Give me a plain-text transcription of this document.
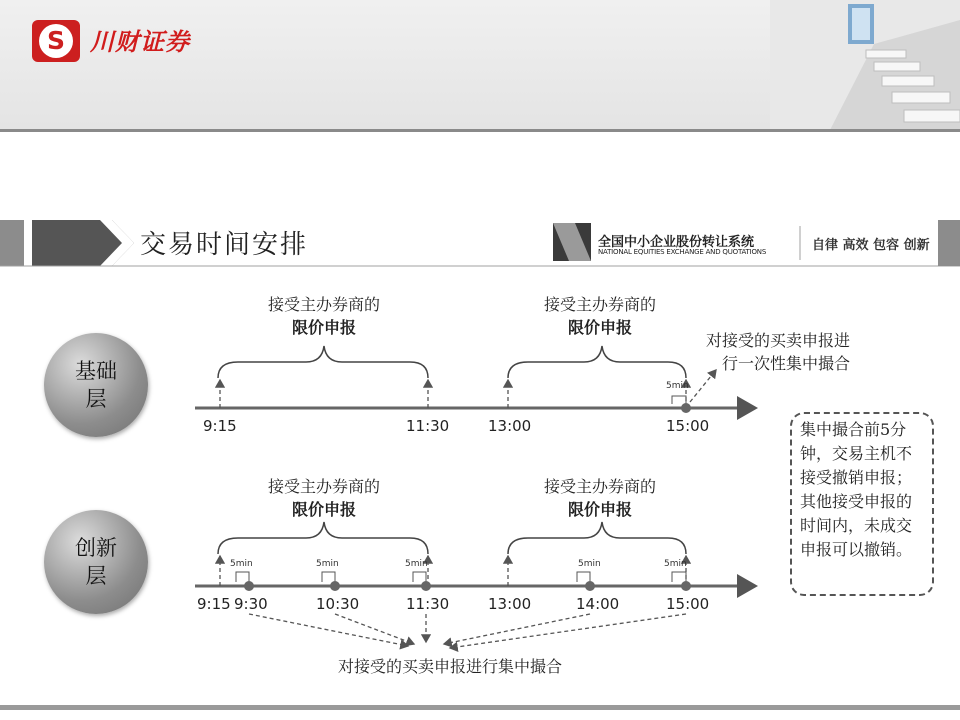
S	川财证券
交易时间安排	全国中小企业股份转让系统
NATIONAL EQUITIES EXCHANGE AND QUOTATIONS	自律 高效 包容 创新
基础
层
创新
层
接受主办券商的
限价申报
接受主办券商的
限价申报
对接受的买卖申报进
行一次性集中撮合
5min
9:15	11:30	13:00	15:00
接受主办券商的
限价申报
接受主办券商的
限价申报
5min	5min	5min	5min	5min
9:15 9:30	10:30	11:30	13:00	14:00	15:00
对接受的买卖申报进行集中撮合
集中撮合前5分钟，交易主机不接受撤销申报；其他接受申报的时间内，未成交申报可以撤销。
